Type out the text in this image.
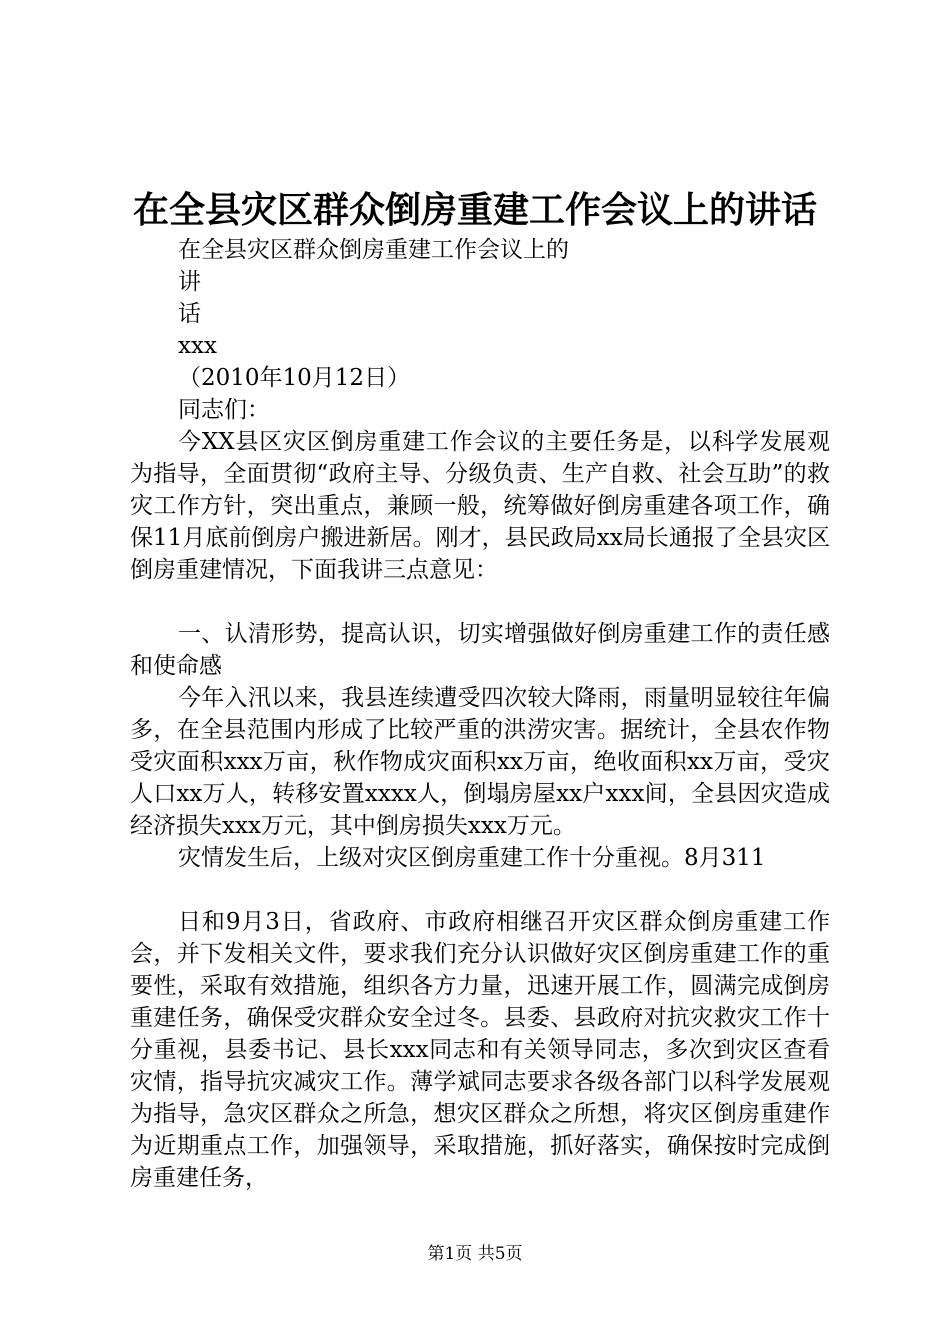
在全县灾区群众倒房重建工作会议上的讲话
在全县灾区群众倒房重建工作会议上的
讲
话
xxx
（2010年10月12日）
同志们：

今XX县区灾区倒房重建工作会议的主要任务是，以科学发展观为指导，全面贯彻“政府主导、分级负责、生产自救、社会互助”的救灾工作方针，突出重点，兼顾一般，统筹做好倒房重建各项工作，确保11月底前倒房户搬进新居。刚才，县民政局xx局长通报了全县灾区倒房重建情况，下面我讲三点意见：

一、认清形势，提高认识，切实增强做好倒房重建工作的责任感和使命感

今年入汛以来，我县连续遭受四次较大降雨，雨量明显较往年偏多，在全县范围内形成了比较严重的洪涝灾害。据统计，全县农作物受灾面积xxx万亩，秋作物成灾面积xx万亩，绝收面积xx万亩，受灾人口xx万人，转移安置xxxx人，倒塌房屋xx户xxx间，全县因灾造成经济损失xxx万元，其中倒房损失xxx万元。

灾情发生后，上级对灾区倒房重建工作十分重视。8月311

日和9月3日，省政府、市政府相继召开灾区群众倒房重建工作会，并下发相关文件，要求我们充分认识做好灾区倒房重建工作的重要性，采取有效措施，组织各方力量，迅速开展工作，圆满完成倒房重建任务，确保受灾群众安全过冬。县委、县政府对抗灾救灾工作十分重视，县委书记、县长xxx同志和有关领导同志，多次到灾区查看灾情，指导抗灾减灾工作。薄学斌同志要求各级各部门以科学发展观为指导，急灾区群众之所急，想灾区群众之所想，将灾区倒房重建作为近期重点工作，加强领导，采取措施，抓好落实，确保按时完成倒房重建任务，

第1页 共5页
